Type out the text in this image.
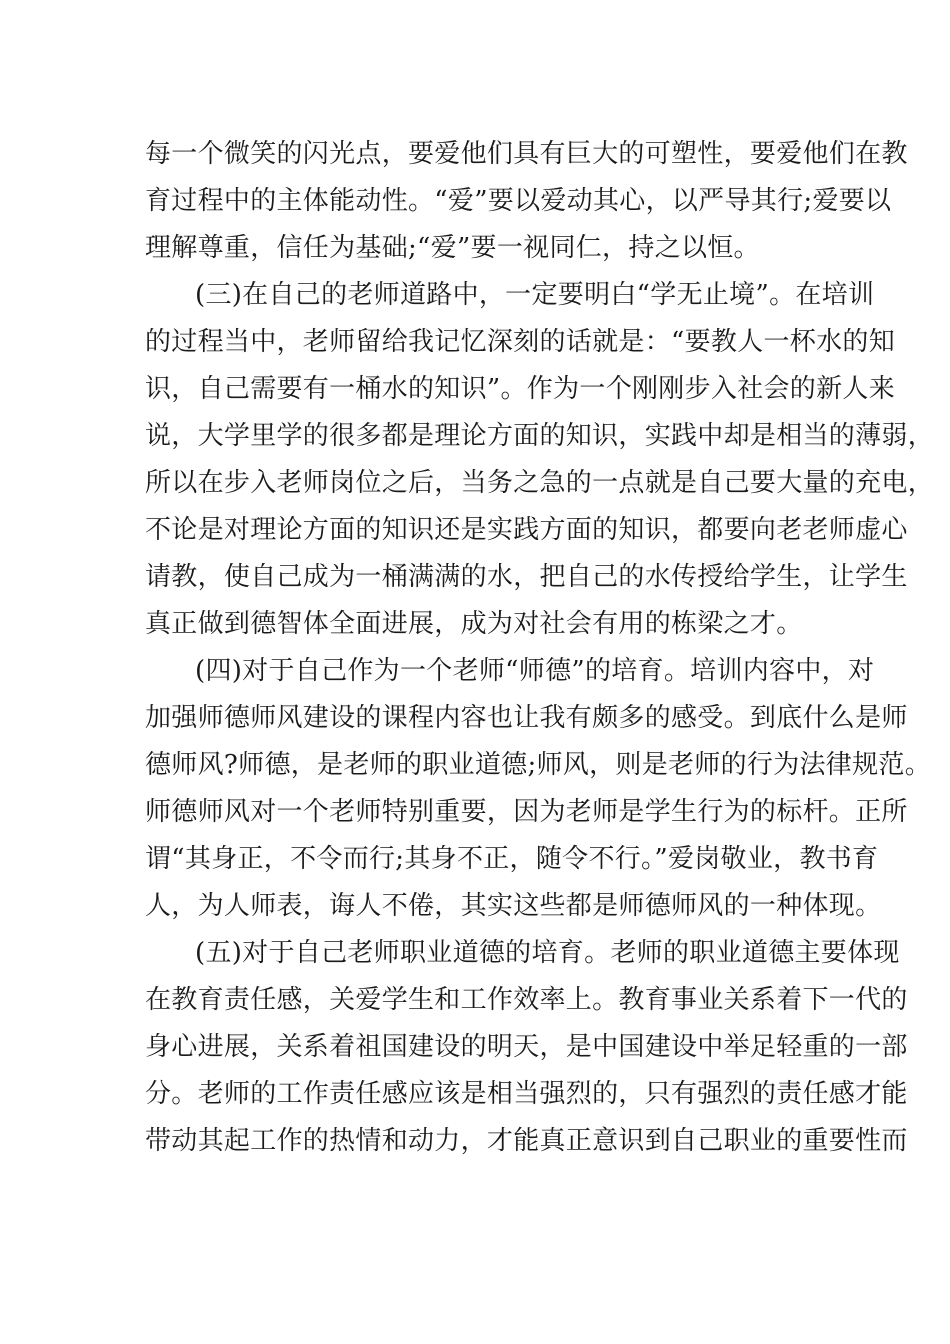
每一个微笑的闪光点，要爱他们具有巨大的可塑性，要爱他们在教
育过程中的主体能动性。“爱”要以爱动其心，以严导其行;爱要以
理解尊重，信任为基础;“爱”要一视同仁，持之以恒。
(三)在自己的老师道路中，一定要明白“学无止境”。在培训
的过程当中，老师留给我记忆深刻的话就是：“要教人一杯水的知
识，自己需要有一桶水的知识”。作为一个刚刚步入社会的新人来
说，大学里学的很多都是理论方面的知识，实践中却是相当的薄弱，
所以在步入老师岗位之后，当务之急的一点就是自己要大量的充电，
不论是对理论方面的知识还是实践方面的知识，都要向老老师虚心
请教，使自己成为一桶满满的水，把自己的水传授给学生，让学生
真正做到德智体全面进展，成为对社会有用的栋梁之才。
(四)对于自己作为一个老师“师德”的培育。培训内容中，对
加强师德师风建设的课程内容也让我有颇多的感受。到底什么是师
德师风?师德，是老师的职业道德;师风，则是老师的行为法律规范。
师德师风对一个老师特别重要，因为老师是学生行为的标杆。正所
谓“其身正，不令而行;其身不正，随令不行。”爱岗敬业，教书育
人，为人师表，诲人不倦，其实这些都是师德师风的一种体现。
(五)对于自己老师职业道德的培育。老师的职业道德主要体现
在教育责任感，关爱学生和工作效率上。教育事业关系着下一代的
身心进展，关系着祖国建设的明天，是中国建设中举足轻重的一部
分。老师的工作责任感应该是相当强烈的，只有强烈的责任感才能
带动其起工作的热情和动力，才能真正意识到自己职业的重要性而
